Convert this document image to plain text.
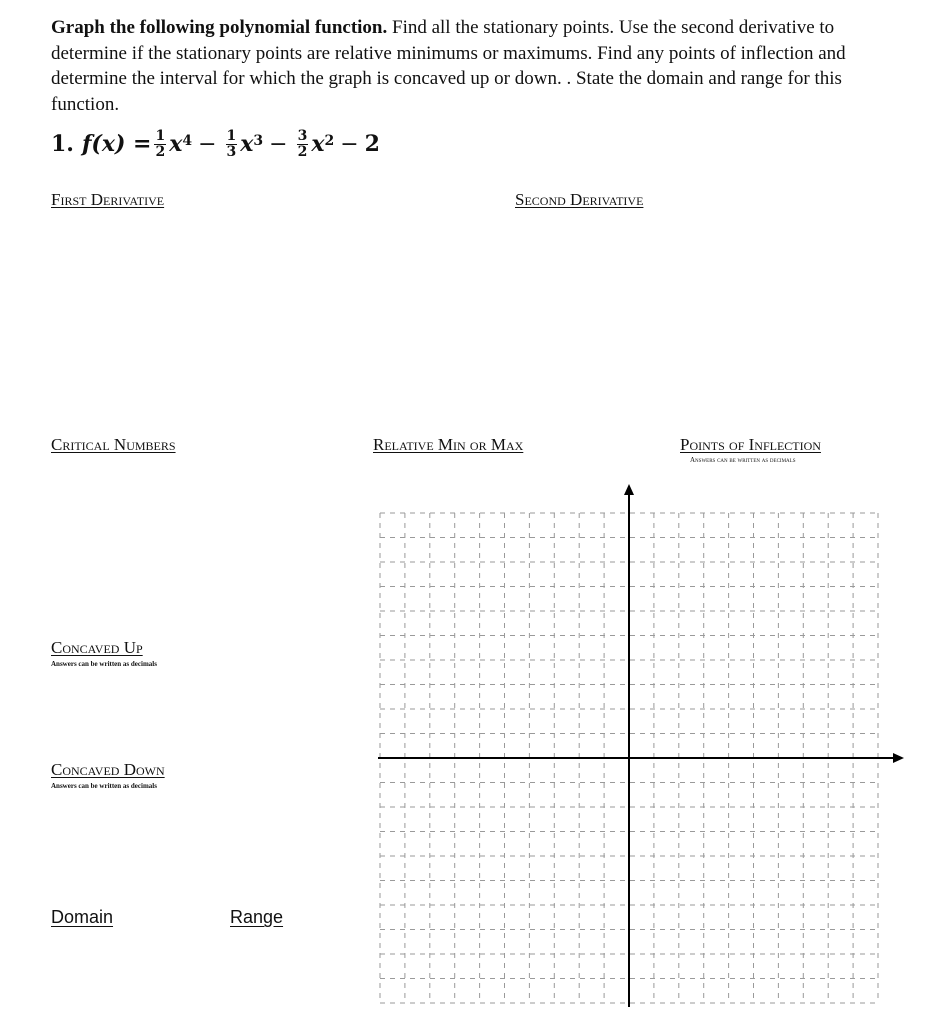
Graph the following polynomial function. Find all the stationary points. Use the second derivative to determine if the stationary points are relative minimums or maximums. Find any points of inflection and determine the interval for which the graph is concaved up or down. . State the domain and range for this function.

1. $f(x) = \frac{1}{2} x^4 - \frac{1}{3} x^3 - \frac{3}{2} x^2 - 2$
First Derivative	Second Derivative
Critical Numbers	Relative Min or Max	Points of Inflection
Answers can be written as decimals
Concaved Up
Answers can be written as decimals
Concaved Down
Answers can be written as decimals
Domain	Range
